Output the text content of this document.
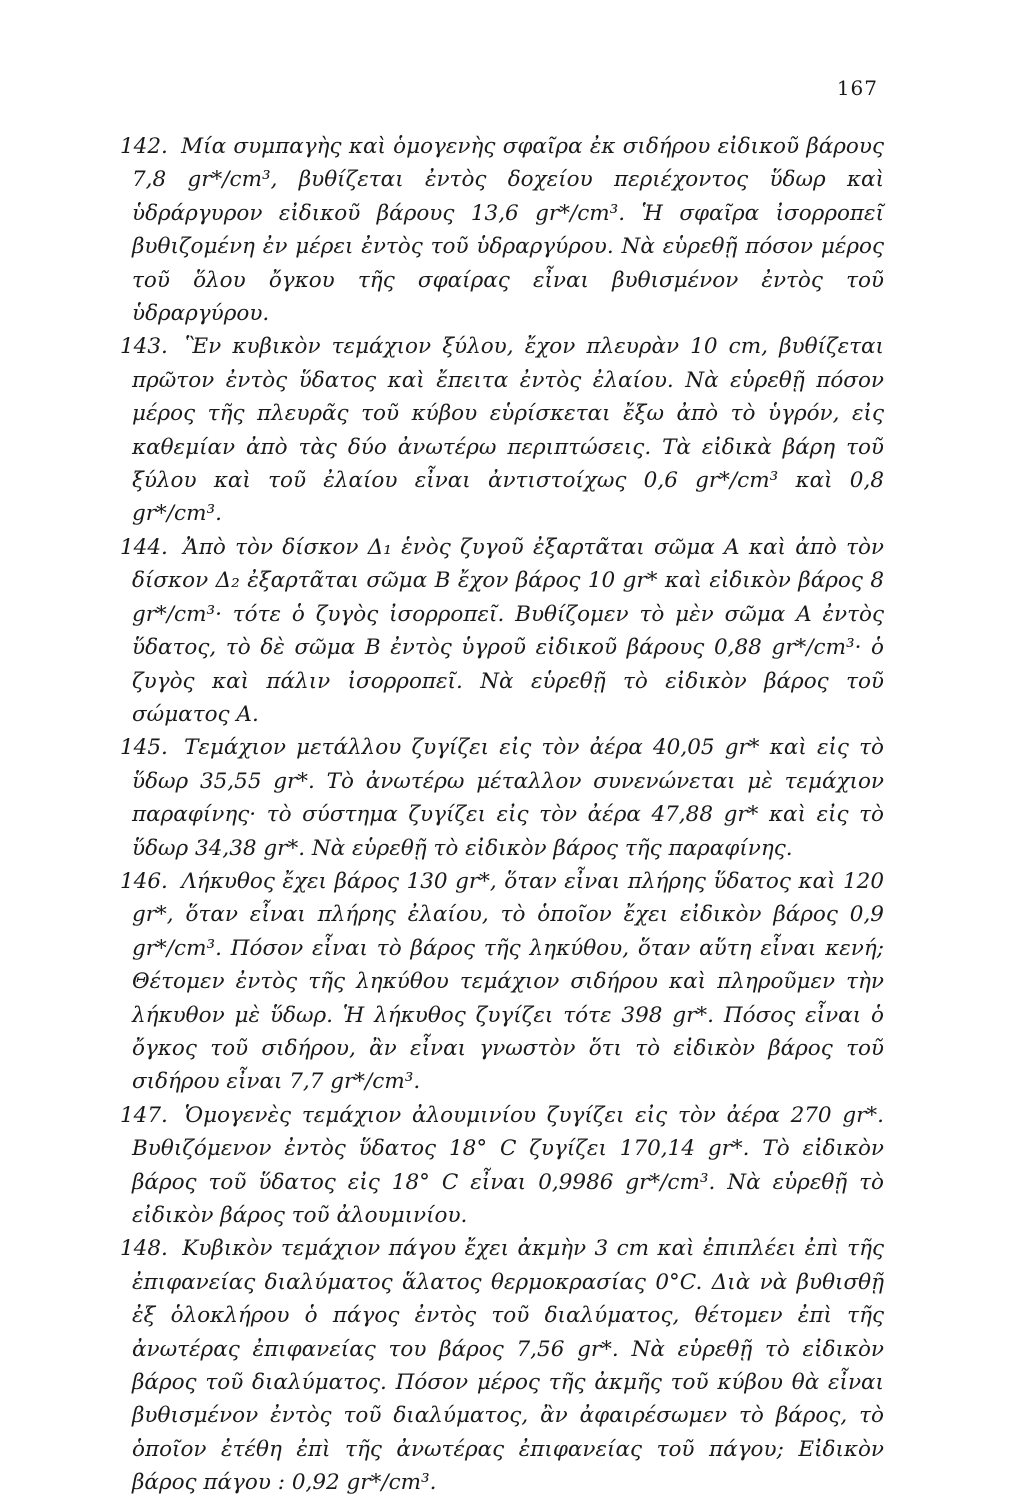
167

142. Μία συμπαγὴς καὶ ὁμογενὴς σφαῖρα ἐκ σιδήρου εἰδικοῦ βάρους 7,8 gr*/cm³, βυθίζεται ἐντὸς δοχείου περιέχοντος ὕδωρ καὶ ὑδράργυρον εἰδικοῦ βάρους 13,6 gr*/cm³. Ἡ σφαῖρα ἰσορροπεῖ βυθιζομένη ἐν μέρει ἐντὸς τοῦ ὑδραργύρου. Νὰ εὑρεθῇ πόσον μέρος τοῦ ὅλου ὄγκου τῆς σφαίρας εἶναι βυθισμένον ἐντὸς τοῦ ὑδραργύρου.

143. Ἓν κυβικὸν τεμάχιον ξύλου, ἔχον πλευρὰν 10 cm, βυθίζεται πρῶτον ἐντὸς ὕδατος καὶ ἔπειτα ἐντὸς ἐλαίου. Νὰ εὑρεθῇ πόσον μέρος τῆς πλευρᾶς τοῦ κύβου εὑρίσκεται ἔξω ἀπὸ τὸ ὑγρόν, εἰς καθεμίαν ἀπὸ τὰς δύο ἀνωτέρω περιπτώσεις. Τὰ εἰδικὰ βάρη τοῦ ξύλου καὶ τοῦ ἐλαίου εἶναι ἀντιστοίχως 0,6 gr*/cm³ καὶ 0,8 gr*/cm³.

144. Ἀπὸ τὸν δίσκον Δ₁ ἑνὸς ζυγοῦ ἐξαρτᾶται σῶμα Α καὶ ἀπὸ τὸν δίσκον Δ₂ ἐξαρτᾶται σῶμα Β ἔχον βάρος 10 gr* καὶ εἰδικὸν βάρος 8 gr*/cm³· τότε ὁ ζυγὸς ἰσορροπεῖ. Βυθίζομεν τὸ μὲν σῶμα Α ἐντὸς ὕδατος, τὸ δὲ σῶμα Β ἐντὸς ὑγροῦ εἰδικοῦ βάρους 0,88 gr*/cm³· ὁ ζυγὸς καὶ πάλιν ἰσορροπεῖ. Νὰ εὑρεθῇ τὸ εἰδικὸν βάρος τοῦ σώματος Α.

145. Τεμάχιον μετάλλου ζυγίζει εἰς τὸν ἀέρα 40,05 gr* καὶ εἰς τὸ ὕδωρ 35,55 gr*. Τὸ ἀνωτέρω μέταλλον συνενώνεται μὲ τεμάχιον παραφίνης· τὸ σύστημα ζυγίζει εἰς τὸν ἀέρα 47,88 gr* καὶ εἰς τὸ ὕδωρ 34,38 gr*. Νὰ εὑρεθῇ τὸ εἰδικὸν βάρος τῆς παραφίνης.

146. Λήκυθος ἔχει βάρος 130 gr*, ὅταν εἶναι πλήρης ὕδατος καὶ 120 gr*, ὅταν εἶναι πλήρης ἐλαίου, τὸ ὁποῖον ἔχει εἰδικὸν βάρος 0,9 gr*/cm³. Πόσον εἶναι τὸ βάρος τῆς ληκύθου, ὅταν αὕτη εἶναι κενή; Θέτομεν ἐντὸς τῆς ληκύθου τεμάχιον σιδήρου καὶ πληροῦμεν τὴν λήκυθον μὲ ὕδωρ. Ἡ λήκυθος ζυγίζει τότε 398 gr*. Πόσος εἶναι ὁ ὄγκος τοῦ σιδήρου, ἂν εἶναι γνωστὸν ὅτι τὸ εἰδικὸν βάρος τοῦ σιδήρου εἶναι 7,7 gr*/cm³.

147. Ὁμογενὲς τεμάχιον ἀλουμινίου ζυγίζει εἰς τὸν ἀέρα 270 gr*. Βυθιζόμενον ἐντὸς ὕδατος 18° C ζυγίζει 170,14 gr*. Τὸ εἰδικὸν βάρος τοῦ ὕδατος εἰς 18° C εἶναι 0,9986 gr*/cm³. Νὰ εὑρεθῇ τὸ εἰδικὸν βάρος τοῦ ἀλουμινίου.

148. Κυβικὸν τεμάχιον πάγου ἔχει ἀκμὴν 3 cm καὶ ἐπιπλέει ἐπὶ τῆς ἐπιφανείας διαλύματος ἅλατος θερμοκρασίας 0°C. Διὰ νὰ βυθισθῇ ἐξ ὁλοκλήρου ὁ πάγος ἐντὸς τοῦ διαλύματος, θέτομεν ἐπὶ τῆς ἀνωτέρας ἐπιφανείας του βάρος 7,56 gr*. Νὰ εὑρεθῇ τὸ εἰδικὸν βάρος τοῦ διαλύματος. Πόσον μέρος τῆς ἀκμῆς τοῦ κύβου θὰ εἶναι βυθισμένον ἐντὸς τοῦ διαλύματος, ἂν ἀφαιρέσωμεν τὸ βάρος, τὸ ὁποῖον ἐτέθη ἐπὶ τῆς ἀνωτέρας ἐπιφανείας τοῦ πάγου; Εἰδικὸν βάρος πάγου : 0,92 gr*/cm³.
